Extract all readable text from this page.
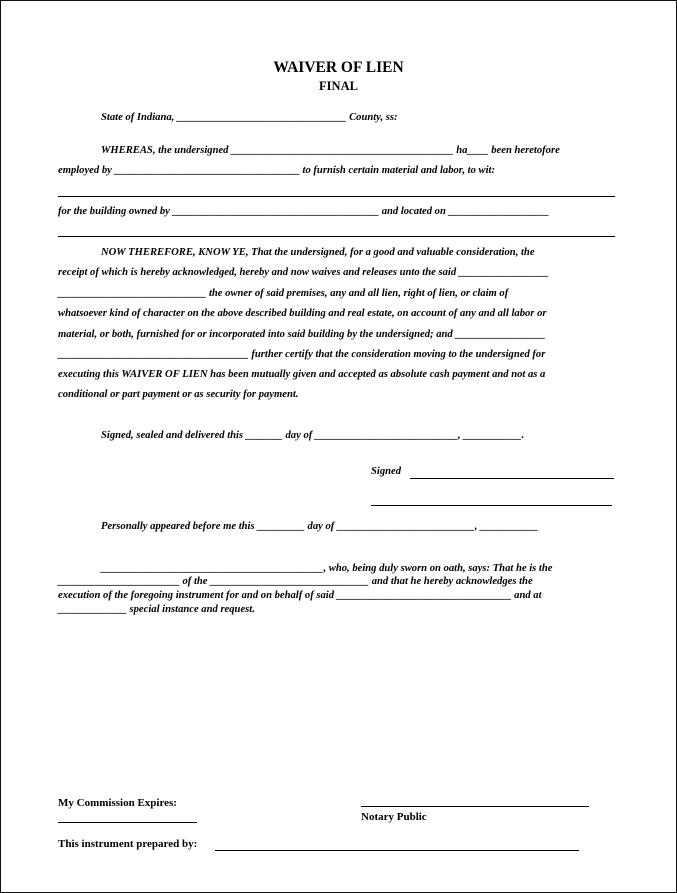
WAIVER OF LIEN

FINAL

State of Indiana, ________________________________ County, ss:

WHEREAS, the undersigned __________________________________________ ha____ been heretofore

employed by ___________________________________ to furnish certain material and labor, to wit:

for the building owned by _______________________________________ and located on ___________________

NOW THEREFORE, KNOW YE, That the undersigned, for a good and valuable consideration, the

receipt of which is hereby acknowledged, hereby and now waives and releases unto the said _________________

____________________________ the owner of said premises, any and all lien, right of lien, or claim of

whatsoever kind of character on the above described building and real estate, on account of any and all labor or

material, or both, furnished for or incorporated into said building by the undersigned; and _________________

____________________________________ further certify that the consideration moving to the undersigned for

executing this WAIVER OF LIEN has been mutually given and accepted as absolute cash payment and not as a

conditional or part payment or as security for payment.

Signed, sealed and delivered this _______ day of ___________________________, ___________.

Signed

Personally appeared before me this _________ day of __________________________, ___________

__________________________________________, who, being duly sworn on oath, says: That he is the

_______________________ of the ______________________________ and that he hereby acknowledges the

execution of the foregoing instrument for and on behalf of said _________________________________ and at

_____________ special instance and request.

My Commission Expires:

Notary Public

This instrument prepared by:
